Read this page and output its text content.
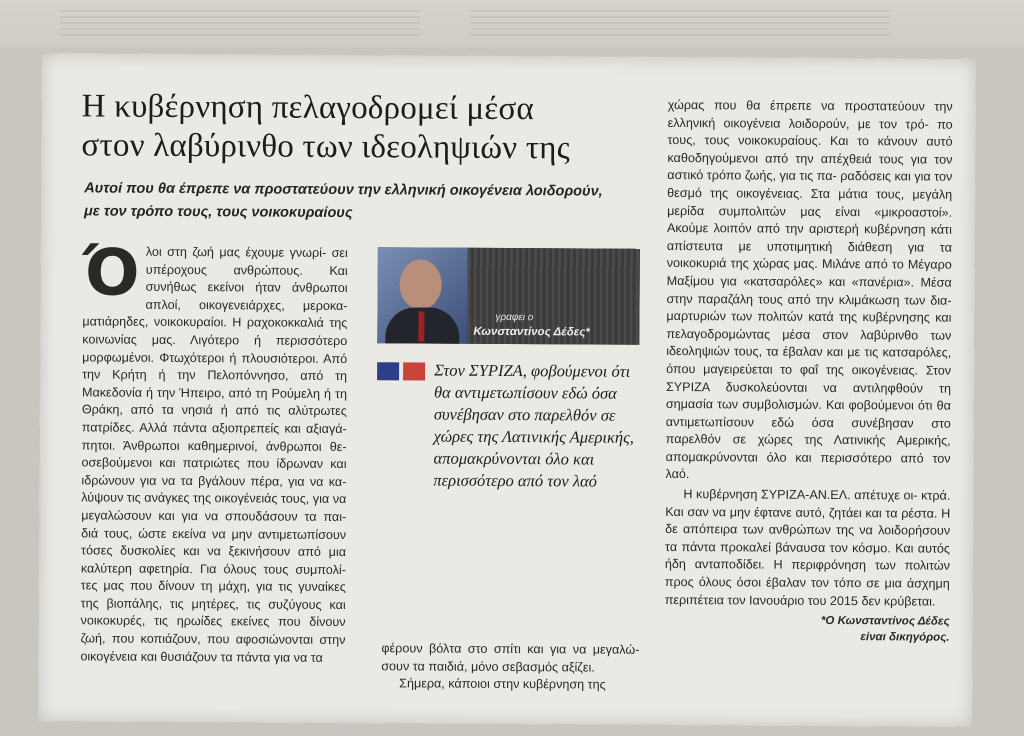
Η κυβέρνηση πελαγοδρομεί μέσα
στον λαβύρινθο των ιδεοληψιών της
Αυτοί που θα έπρεπε να προστατεύουν την ελληνική οικογένεια λοιδορούν,
με τον τρόπο τους, τους νοικοκυραίους
Ό λοι στη ζωή μας έχουμε γνωρί- σει υπέροχους ανθρώπους. Και συνήθως εκείνοι ήταν άνθρωποι απλοί, οικογενειάρχες, μεροκα- ματιάρηδες, νοικοκυραίοι. Η ραχοκοκκαλιά της κοινωνίας μας. Λιγότερο ή περισσότερο μορφωμένοι. Φτωχότεροι ή πλουσιότεροι. Από την Κρήτη ή την Πελοπόννησο, από τη Μακεδονία ή την Ήπειρο, από τη Ρούμελη ή τη Θράκη, από τα νησιά ή από τις αλύτρωτες πατρίδες. Αλλά πάντα αξιοπρεπείς και αξιαγά- πητοι. Άνθρωποι καθημερινοί, άνθρωποι θε- οσεβούμενοι και πατριώτες που ίδρωναν και ιδρώνουν για να τα βγάλουν πέρα, για να κα- λύψουν τις ανάγκες της οικογένειάς τους, για να μεγαλώσουν και για να σπουδάσουν τα παι- διά τους, ώστε εκείνα να μην αντιμετωπίσουν τόσες δυσκολίες και να ξεκινήσουν από μια καλύτερη αφετηρία. Για όλους τους συμπολί- τες μας που δίνουν τη μάχη, για τις γυναίκες της βιοπάλης, τις μητέρες, τις συζύγους και νοικοκυρές, τις ηρωίδες εκείνες που δίνουν ζωή, που κοπιάζουν, που αφοσιώνονται στην οικογένεια και θυσιάζουν τα πάντα για να τα

γραφει ο
Κωνσταντίνος Δέδες*

Στον ΣΥΡΙΖΑ, φοβούμενοι ότι θα αντιμετωπίσουν εδώ όσα συνέβησαν στο παρελθόν σε χώρες της Λατινικής Αμερικής, απομακρύνονται όλο και περισσότερο από τον λαό

φέρουν βόλτα στο σπίτι και για να μεγαλώ- σουν τα παιδιά, μόνο σεβασμός αξίζει.

Σήμερα, κάποιοι στην κυβέρνηση της

χώρας που θα έπρεπε να προστατεύουν την ελληνική οικογένεια λοιδορούν, με τον τρό- πο τους, τους νοικοκυραίους. Και το κάνουν αυτό καθοδηγούμενοι από την απέχθειά τους για τον αστικό τρόπο ζωής, για τις πα- ραδόσεις και για τον θεσμό της οικογένειας. Στα μάτια τους, μεγάλη μερίδα συμπολιτών μας είναι «μικροαστοί». Ακούμε λοιπόν από την αριστερή κυβέρνηση κάτι απίστευτα με υποτιμητική διάθεση για τα νοικοκυριά της χώρας μας. Μιλάνε από το Μέγαρο Μαξίμου για «κατσαρόλες» και «πανέρια». Μέσα στην παραζάλη τους από την κλιμάκωση των δια- μαρτυριών των πολιτών κατά της κυβέρνησης και πελαγοδρομώντας μέσα στον λαβύρινθο των ιδεοληψιών τους, τα έβαλαν και με τις κατσαρόλες, όπου μαγειρεύεται το φαΐ της οικογένειας. Στον ΣΥΡΙΖΑ δυσκολεύονται να αντιληφθούν τη σημασία των συμβολισμών. Και φοβούμενοι ότι θα αντιμετωπίσουν εδώ όσα συνέβησαν στο παρελθόν σε χώρες της Λατινικής Αμερικής, απομακρύνονται όλο και περισσότερο από τον λαό.

Η κυβέρνηση ΣΥΡΙΖΑ-ΑΝ.ΕΛ. απέτυχε οι- κτρά. Και σαν να μην έφτανε αυτό, ζητάει και τα ρέστα. Η δε απόπειρα των ανθρώπων της να λοιδορήσουν τα πάντα προκαλεί βάναυσα τον κόσμο. Και αυτός ήδη ανταποδίδει. Η περιφρόνηση των πολιτών προς όλους όσοι έβαλαν τον τόπο σε μια άσχημη περιπέτεια τον Ιανουάριο του 2015 δεν κρύβεται.

*Ο Κωνσταντίνος Δέδες
είναι δικηγόρος.
